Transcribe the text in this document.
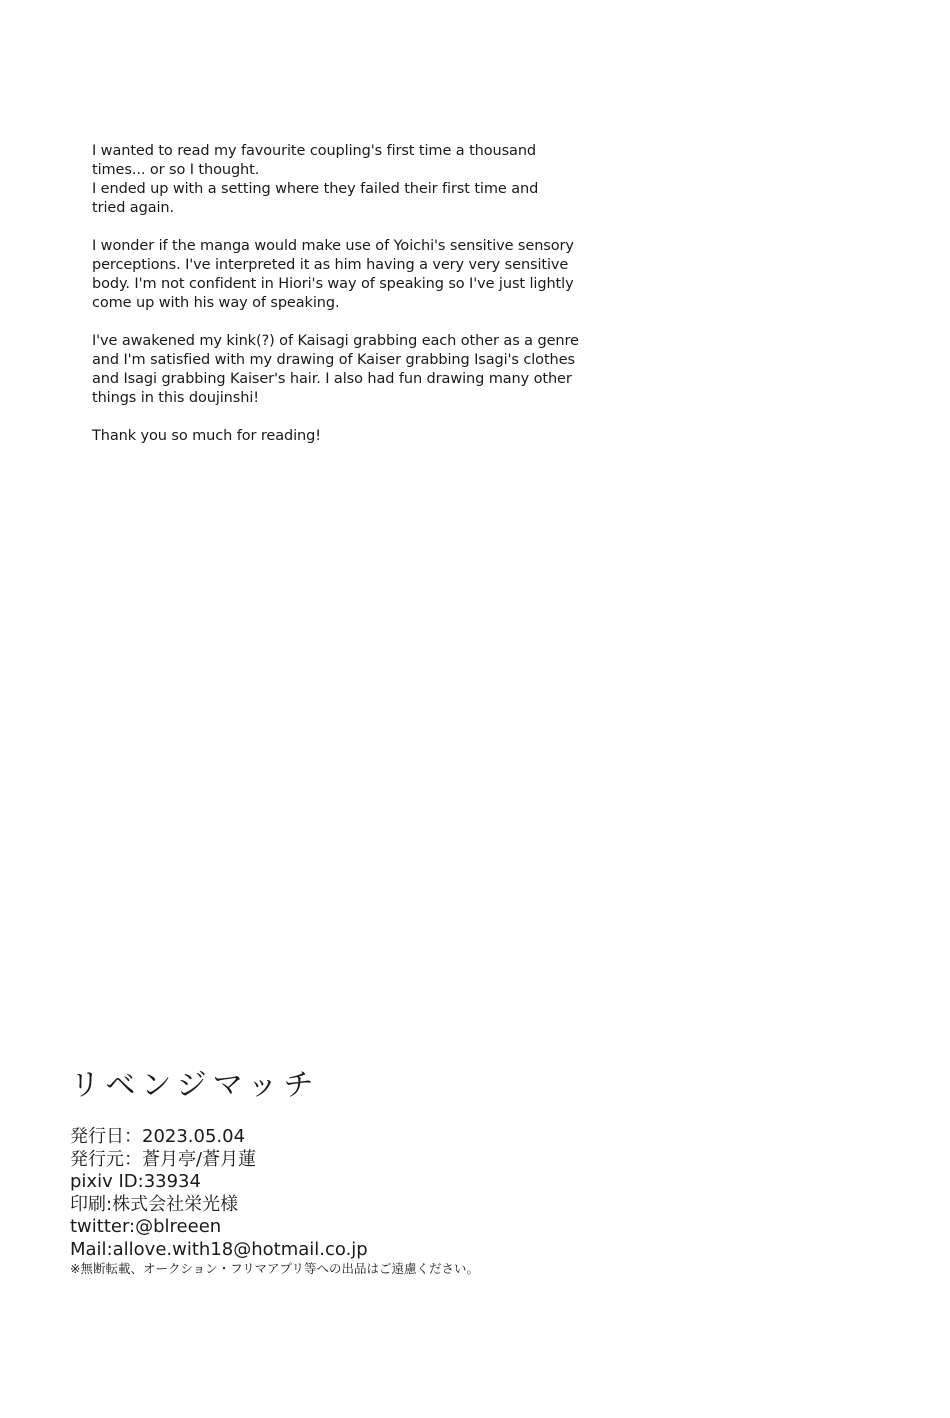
I wanted to read my favourite coupling's first time a thousand
times... or so I thought.
I ended up with a setting where they failed their first time and
tried again.

I wonder if the manga would make use of Yoichi's sensitive sensory
perceptions. I've interpreted it as him having a very very sensitive
body. I'm not confident in Hiori's way of speaking so I've just lightly
come up with his way of speaking.

I've awakened my kink(?) of Kaisagi grabbing each other as a genre
and I'm satisfied with my drawing of Kaiser grabbing Isagi's clothes
and Isagi grabbing Kaiser's hair. I also had fun drawing many other
things in this doujinshi!

Thank you so much for reading!

リベンジマッチ
発行日：2023.05.04
発行元：蒼月亭/蒼月蓮
pixiv ID:33934
印刷:株式会社栄光様
twitter:@blreeen
Mail:allove.with18@hotmail.co.jp
※無断転載、オークション・フリマアプリ等への出品はご遠慮ください。
